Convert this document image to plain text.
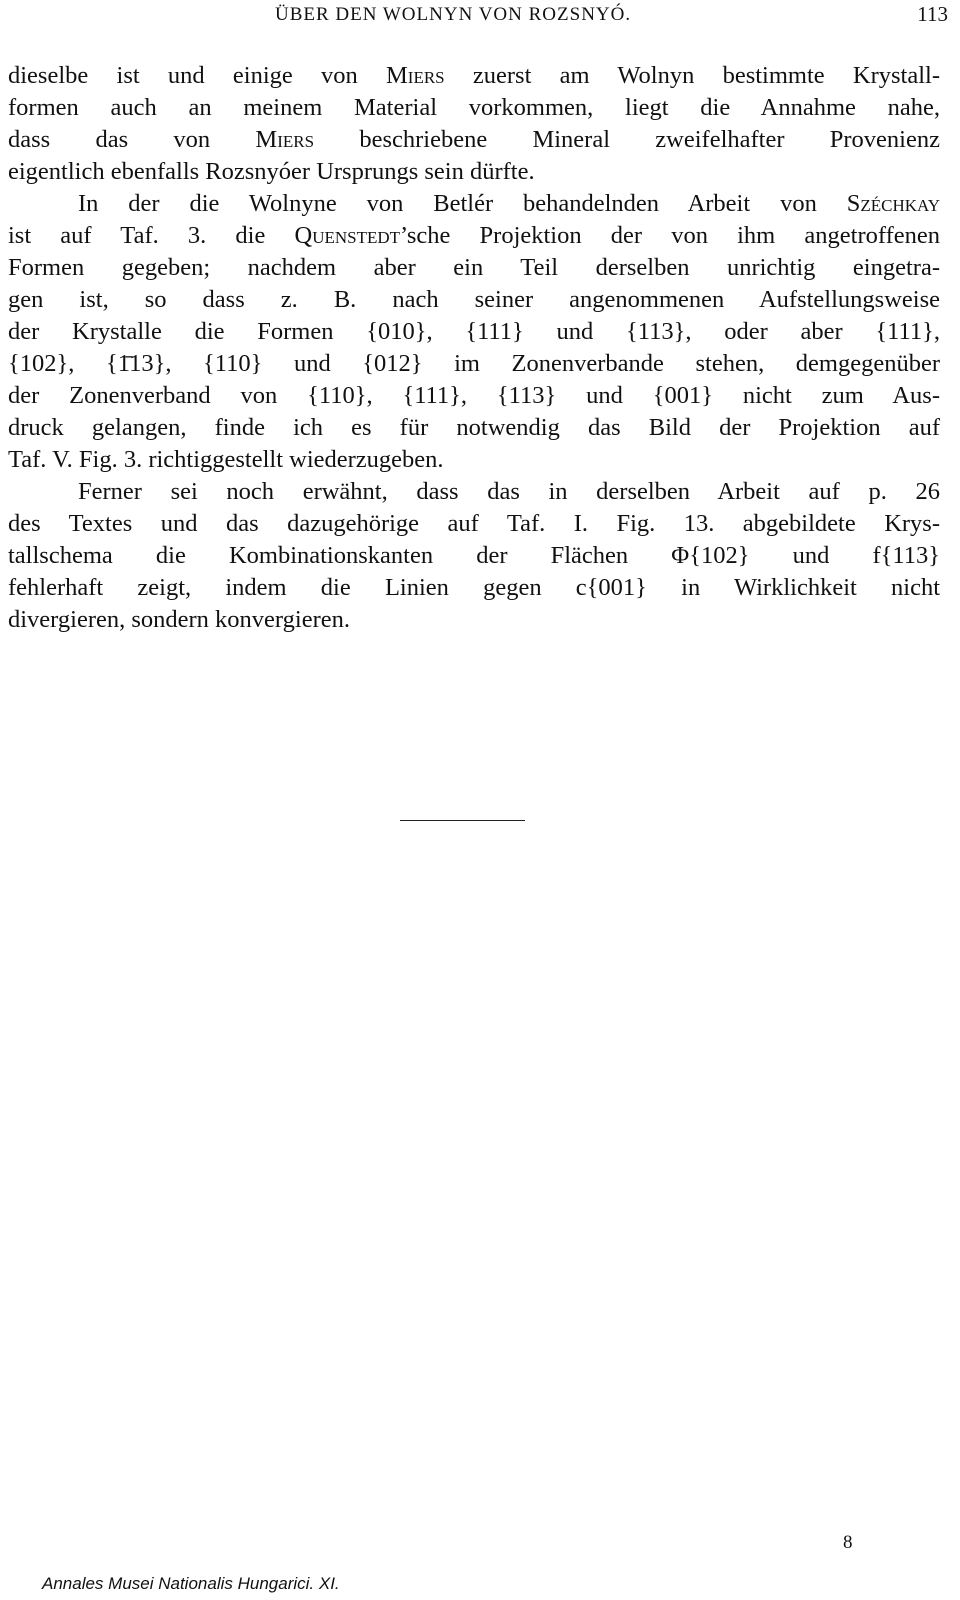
ÜBER DEN WOLNYN VON ROZSNYÓ.	113
dieselbe ist und einige von Miers zuerst am Wolnyn bestimmte Krystall-
formen auch an meinem Material vorkommen, liegt die Annahme nahe,
dass das von Miers beschriebene Mineral zweifelhafter Provenienz
eigentlich ebenfalls Rozsnyóer Ursprungs sein dürfte.
In der die Wolnyne von Betlér behandelnden Arbeit von Széchkay
ist auf Taf. 3. die Quenstedt’sche Projektion der von ihm angetroffenen
Formen gegeben; nachdem aber ein Teil derselben unrichtig eingetra-
gen ist, so dass z. B. nach seiner angenommenen Aufstellungsweise
der Krystalle die Formen {010}, {111} und {113}, oder aber {111},
{102}, {1̄13}, {110} und {012} im Zonenverbande stehen, demgegenüber
der Zonenverband von {110}, {111}, {113} und {001} nicht zum Aus-
druck gelangen, finde ich es für notwendig das Bild der Projektion auf
Taf. V. Fig. 3. richtiggestellt wiederzugeben.
Ferner sei noch erwähnt, dass das in derselben Arbeit auf p. 26
des Textes und das dazugehörige auf Taf. I. Fig. 13. abgebildete Krys-
tallschema die Kombinationskanten der Flächen Φ{102} und f{113}
fehlerhaft zeigt, indem die Linien gegen c{001} in Wirklichkeit nicht
divergieren, sondern konvergieren.
Annales Musei Nationalis Hungarici. XI.
8
